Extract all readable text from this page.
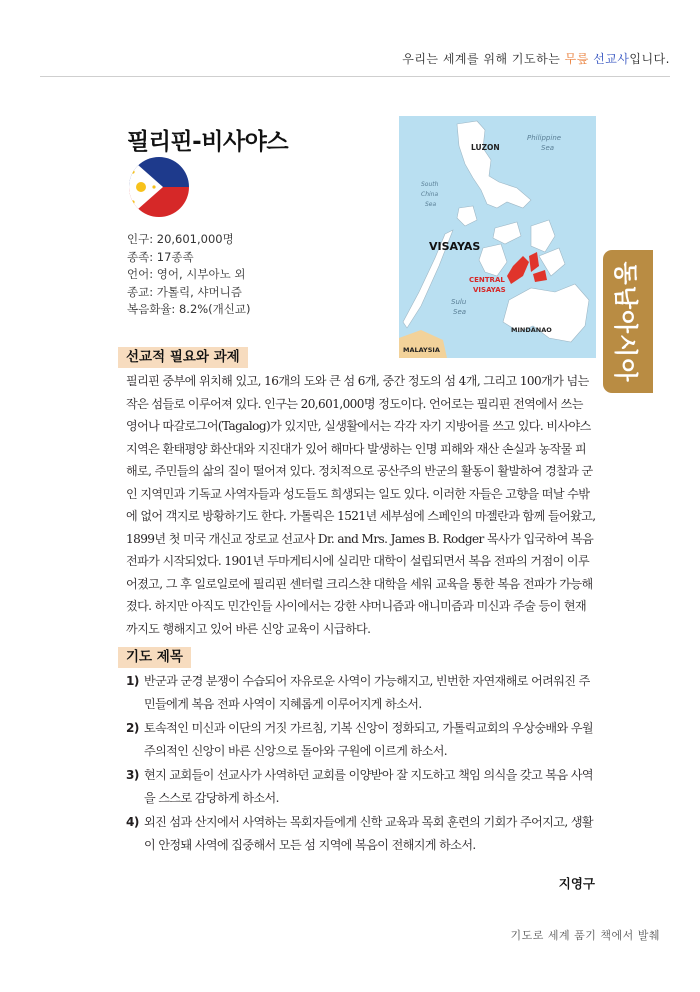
우리는 세계를 위해 기도하는 무릎 선교사입니다.
필리핀-비사야스
인구: 20,601,000명
종족: 17종족
언어: 영어, 시부아노 외
종교: 가톨릭, 샤머니즘
복음화율: 8.2%(개신교)
LUZON
Philippine
Sea
South
China
Sea
VISAYAS
CENTRAL
VISAYAS
Sulu
Sea
MINDANAO
MALAYSIA	동남아시아
선교적 필요와 과제
필리핀 중부에 위치해 있고, 16개의 도와 큰 섬 6개, 중간 정도의 섬 4개, 그리고 100개가 넘는 작은 섬들로 이루어져 있다. 인구는 20,601,000명 정도이다. 언어로는 필리핀 전역에서 쓰는 영어나 따갈로그어(Tagalog)가 있지만, 실생활에서는 각각 자기 지방어를 쓰고 있다. 비사야스 지역은 환태평양 화산대와 지진대가 있어 해마다 발생하는 인명 피해와 재산 손실과 농작물 피해로, 주민들의 삶의 질이 떨어져 있다. 정치적으로 공산주의 반군의 활동이 활발하여 경찰과 군인 지역민과 기독교 사역자들과 성도들도 희생되는 일도 있다. 이러한 자들은 고향을 떠날 수밖에 없어 객지로 방황하기도 한다. 가톨릭은 1521년 세부섬에 스페인의 마젤란과 함께 들어왔고, 1899년 첫 미국 개신교 장로교 선교사 Dr. and Mrs. James B. Rodger 목사가 입국하여 복음 전파가 시작되었다. 1901년 두마게티시에 실리만 대학이 설립되면서 복음 전파의 거점이 이루어졌고, 그 후 일로일로에 필리핀 센터럴 크리스챤 대학을 세워 교육을 통한 복음 전파가 가능해졌다. 하지만 아직도 민간인들 사이에서는 강한 샤머니즘과 애니미즘과 미신과 주술 등이 현재까지도 행해지고 있어 바른 신앙 교육이 시급하다.
기도 제목
1) 반군과 군경 분쟁이 수습되어 자유로운 사역이 가능해지고, 빈번한 자연재해로 어려워진 주민들에게 복음 전파 사역이 지혜롭게 이루어지게 하소서.
2) 토속적인 미신과 이단의 거짓 가르침, 기복 신앙이 정화되고, 가톨릭교회의 우상숭배와 우월주의적인 신앙이 바른 신앙으로 돌아와 구원에 이르게 하소서.
3) 현지 교회들이 선교사가 사역하던 교회를 이양받아 잘 지도하고 책임 의식을 갖고 복음 사역을 스스로 감당하게 하소서.
4) 외진 섬과 산지에서 사역하는 목회자들에게 신학 교육과 목회 훈련의 기회가 주어지고, 생활이 안정돼 사역에 집중해서 모든 섬 지역에 복음이 전해지게 하소서.
지영구
기도로 세계 품기 책에서 발췌
